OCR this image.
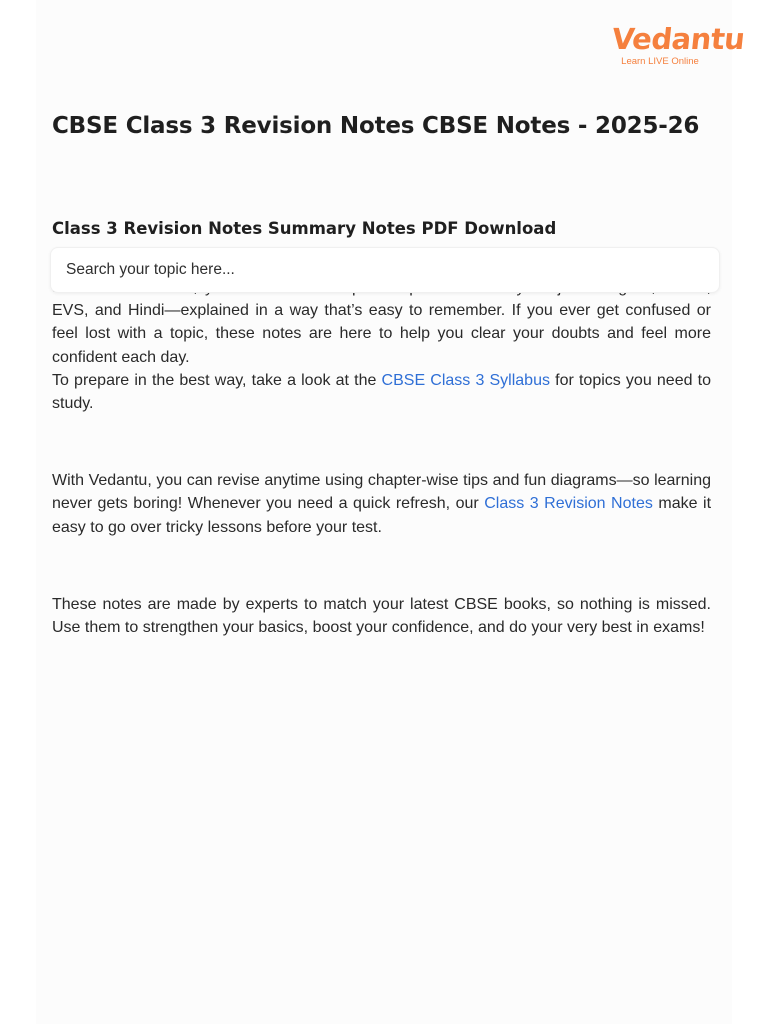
Vedantu
Learn LIVE Online
CBSE Class 3 Revision Notes CBSE Notes - 2025-26
Class 3 Revision Notes Summary Notes PDF Download
Search your topic here...

EVS, and Hindi—explained in a way that’s easy to remember. If you ever get confused or feel lost with a topic, these notes are here to help you clear your doubts and feel more confident each day.

To prepare in the best way, take a look at the CBSE Class 3 Syllabus for topics you need to study.

With Vedantu, you can revise anytime using chapter-wise tips and fun diagrams—so learning never gets boring! Whenever you need a quick refresh, our Class 3 Revision Notes make it easy to go over tricky lessons before your test.

These notes are made by experts to match your latest CBSE books, so nothing is missed. Use them to strengthen your basics, boost your confidence, and do your very best in exams!
